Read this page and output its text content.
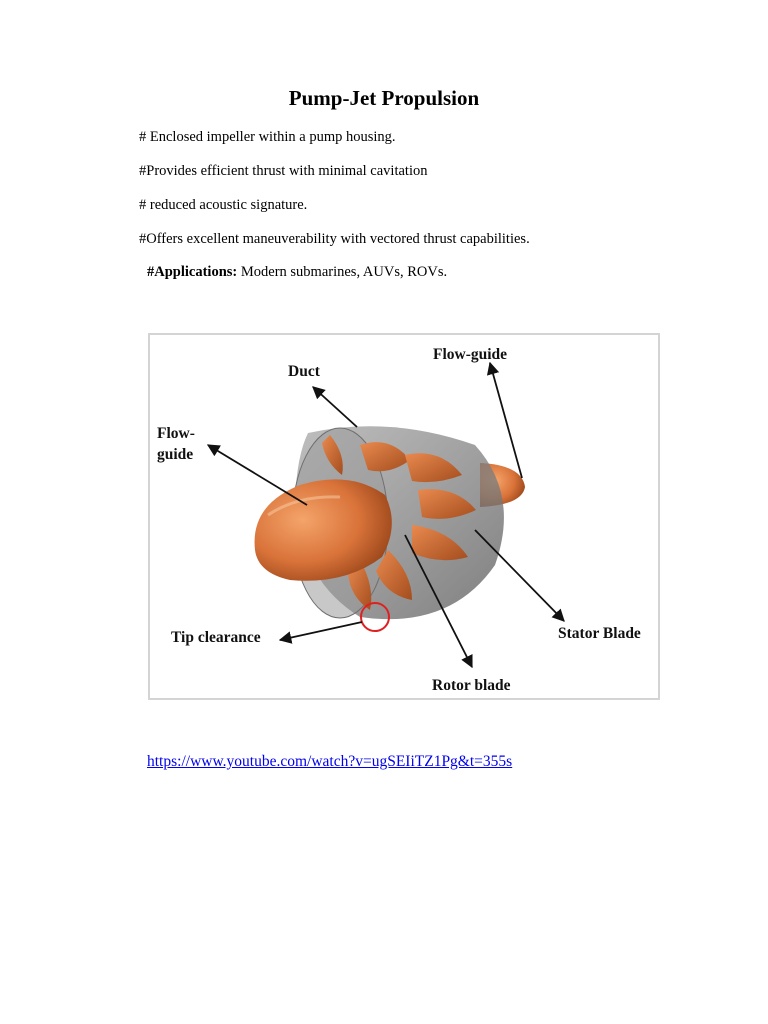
Pump-Jet Propulsion

# Enclosed impeller within a pump housing.

#Provides efficient thrust with minimal cavitation

# reduced acoustic signature.

#Offers excellent maneuverability with vectored thrust capabilities.

#Applications: Modern submarines, AUVs, ROVs.

Duct
Flow-guide
Flow-
guide
Tip clearance	Stator Blade
Rotor blade
https://www.youtube.com/watch?v=ugSEIiTZ1Pg&t=355s
